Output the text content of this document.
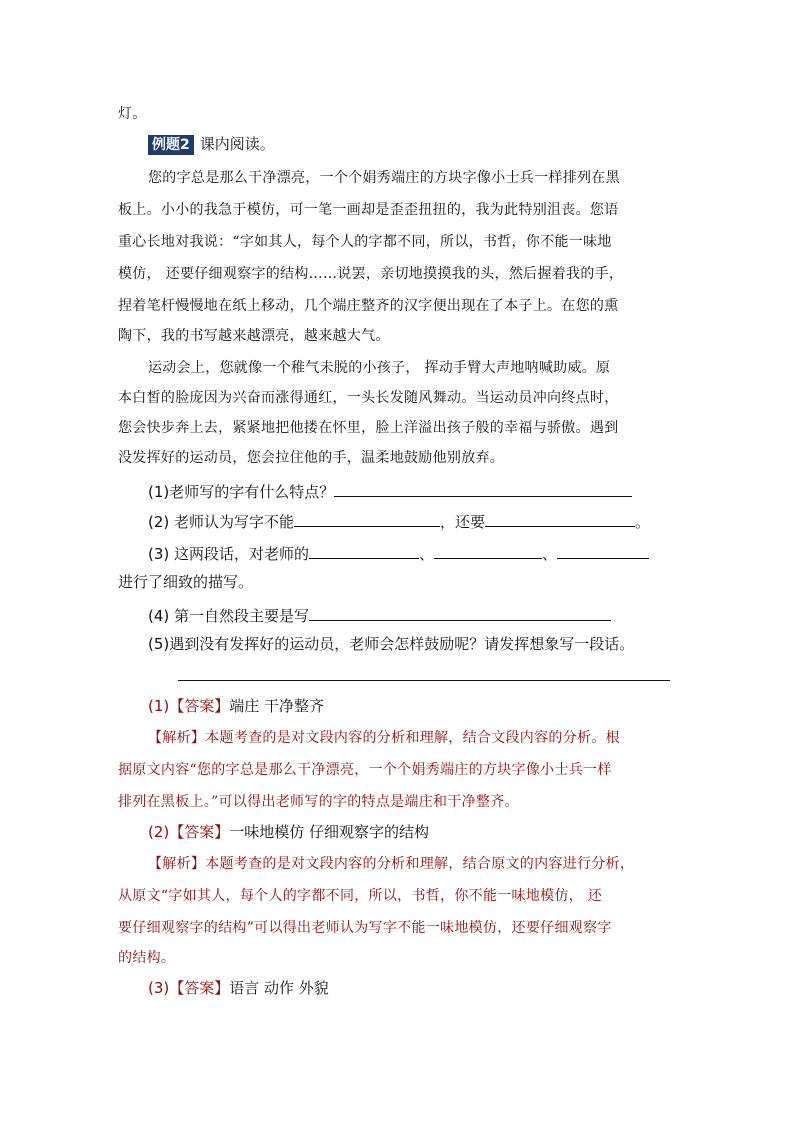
灯。
例题2 课内阅读。
您的字总是那么干净漂亮，一个个娟秀端庄的方块字像小士兵一样排列在黑
板上。小小的我急于模仿，可一笔一画却是歪歪扭扭的，我为此特别沮丧。您语
重心长地对我说：“字如其人，每个人的字都不同，所以，书哲，你不能一味地
模仿， 还要仔细观察字的结构……说罢，亲切地摸摸我的头，然后握着我的手，
捏着笔杆慢慢地在纸上移动，几个端庄整齐的汉字便出现在了本子上。在您的熏
陶下，我的书写越来越漂亮，越来越大气。
运动会上，您就像一个稚气未脱的小孩子， 挥动手臂大声地呐喊助威。原
本白皙的脸庞因为兴奋而涨得通红，一头长发随风舞动。当运动员冲向终点时，
您会快步奔上去，紧紧地把他搂在怀里，脸上洋溢出孩子般的幸福与骄傲。遇到
没发挥好的运动员，您会拉住他的手，温柔地鼓励他别放弃。
(1)老师写的字有什么特点？
(2) 老师认为写字不能	，还要	。
(3) 这两段话，对老师的	、	、
进行了细致的描写。
(4) 第一自然段主要是写
(5)遇到没有发挥好的运动员，老师会怎样鼓励呢？请发挥想象写一段话。
(1)【答案】端庄 干净整齐
【解析】本题考查的是对文段内容的分析和理解，结合文段内容的分析。根
据原文内容“您的字总是那么干净漂亮，一个个娟秀端庄的方块字像小士兵一样
排列在黑板上。”可以得出老师写的字的特点是端庄和干净整齐。
(2)【答案】一味地模仿 仔细观察字的结构
【解析】本题考查的是对文段内容的分析和理解，结合原文的内容进行分析，
从原文“字如其人，每个人的字都不同，所以，书哲，你不能一味地模仿， 还
要仔细观察字的结构”可以得出老师认为写字不能一味地模仿，还要仔细观察字
的结构。
(3)【答案】语言 动作 外貌
